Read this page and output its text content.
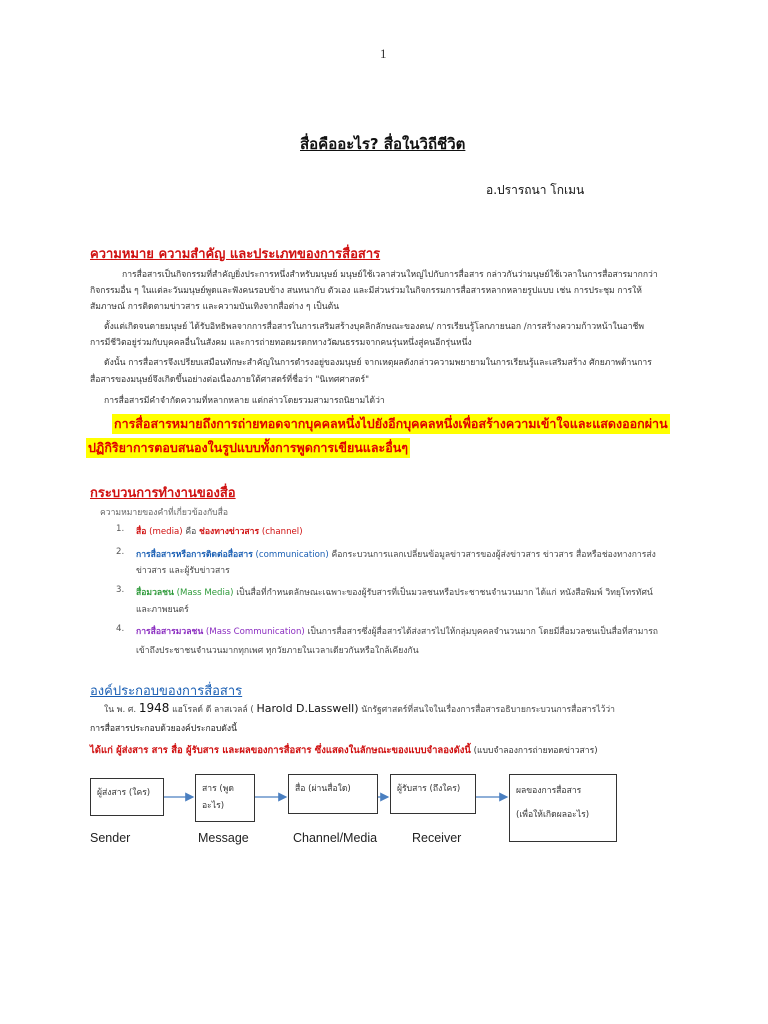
1
สื่อคืออะไร? สื่อในวิถีชีวิต
อ.ปรารถนา โกเมน
ความหมาย ความสำคัญ และประเภทของการสื่อสาร
การสื่อสารเป็นกิจกรรมที่สำคัญยิ่งประการหนึ่งสำหรับมนุษย์ มนุษย์ใช้เวลาส่วนใหญ่ไปกับการสื่อสาร กล่าวกันว่ามนุษย์ใช้เวลาในการสื่อสารมากกว่า
กิจกรรมอื่น ๆ ในแต่ละวันมนุษย์พูดและฟังคนรอบข้าง สนทนากับ ตัวเอง และมีส่วนร่วมในกิจกรรมการสื่อสารหลากหลายรูปแบบ เช่น การประชุม การให้
สัมภาษณ์ การติดตามข่าวสาร และความบันเทิงจากสื่อต่าง ๆ เป็นต้น
ตั้งแต่เกิดจนตายมนุษย์ ได้รับอิทธิพลจากการสื่อสารในการเสริมสร้างบุคลิกลักษณะของตน/ การเรียนรู้โลกภายนอก /การสร้างความก้าวหน้าในอาชีพ
การมีชีวิตอยู่ร่วมกับบุคคลอื่นในสังคม และการถ่ายทอดมรดกทางวัฒนธรรมจากคนรุ่นหนึ่งสู่คนอีกรุ่นหนึ่ง
ดังนั้น การสื่อสารจึงเปรียบเสมือนทักษะสำคัญในการดำรงอยู่ของมนุษย์ จากเหตุผลดังกล่าวความพยายามในการเรียนรู้และเสริมสร้าง ศักยภาพด้านการ
สื่อสารของมนุษย์จึงเกิดขึ้นอย่างต่อเนื่องภายใต้ศาสตร์ที่ชื่อว่า "นิเทศศาสตร์"
การสื่อสารมีคำจำกัดความที่หลากหลาย แต่กล่าวโดยรวมสามารถนิยามได้ว่า
การสื่อสารหมายถึงการถ่ายทอดจากบุคคลหนึ่งไปยังอีกบุคคลหนึ่งเพื่อสร้างความเข้าใจและแสดงออกผ่าน
ปฏิกิริยาการตอบสนองในรูปแบบทั้งการพูดการเขียนและอื่นๆ
กระบวนการทำงานของสื่อ
ความหมายของคำที่เกี่ยวข้องกับสื่อ
1. สื่อ (media) คือ ช่องทางข่าวสาร (channel)
2. การสื่อสารหรือการติดต่อสื่อสาร (communication) คือกระบวนการแลกเปลี่ยนข้อมูลข่าวสารของผู้ส่งข่าวสาร ข่าวสาร สื่อหรือช่องทางการส่ง
ข่าวสาร และผู้รับข่าวสาร
3. สื่อมวลชน (Mass Media) เป็นสื่อที่กำหนดลักษณะเฉพาะของผู้รับสารที่เป็นมวลชนหรือประชาชนจำนวนมาก ได้แก่ หนังสือพิมพ์ วิทยุโทรทัศน์
และภาพยนตร์
4. การสื่อสารมวลชน (Mass Communication) เป็นการสื่อสารซึ่งผู้สื่อสารได้ส่งสารไปให้กลุ่มบุคคลจำนวนมาก โดยมีสื่อมวลชนเป็นสื่อที่สามารถ
เข้าถึงประชาชนจำนวนมากทุกเพศ ทุกวัยภายในเวลาเดียวกันหรือใกล้เคียงกัน
องค์ประกอบของการสื่อสาร
ใน พ. ศ. 1948 แฮโรลด์ ดี ลาสเวลล์ ( Harold D.Lasswell) นักรัฐศาสตร์ที่สนใจในเรื่องการสื่อสารอธิบายกระบวนการสื่อสารไว้ว่า
การสื่อสารประกอบด้วยองค์ประกอบดังนี้
ได้แก่ ผู้ส่งสาร สาร สื่อ ผู้รับสาร และผลของการสื่อสาร ซึ่งแสดงในลักษณะของแบบจำลองดังนี้ (แบบจำลองการถ่ายทอดข่าวสาร)
ผู้ส่งสาร (ใคร)	สาร (พูด
อะไร)
สื่อ (ผ่านสื่อใด)	ผู้รับสาร (ถึงใคร)	ผลของการสื่อสาร
(เพื่อให้เกิดผลอะไร)
Sender	Message	Channel/Media	Receiver
